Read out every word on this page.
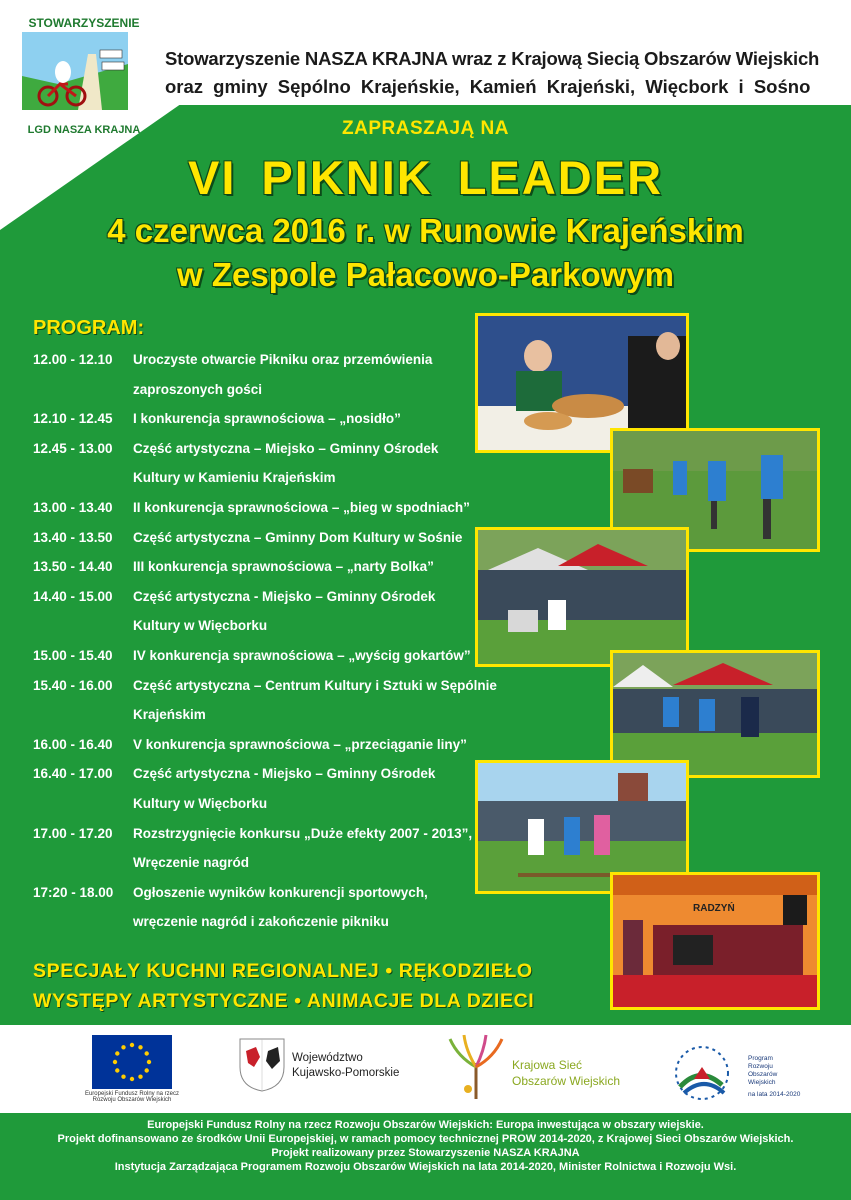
STOWARZYSZENIE
LGD NASZA KRAJNA
Stowarzyszenie NASZA KRAJNA wraz z Krajową Siecią Obszarów Wiejskich
oraz gminy Sępólno Krajeńskie, Kamień Krajeński, Więcbork i Sośno
ZAPRASZAJĄ NA
VI PIKNIK LEADER
4 czerwca 2016 r. w Runowie Krajeńskim
w Zespole Pałacowo-Parkowym
PROGRAM:
12.00 - 12.10 Uroczyste otwarcie Pikniku oraz przemówienia
zaproszonych gości
12.10 - 12.45 I konkurencja sprawnościowa – „nosidło”
12.45 - 13.00 Część artystyczna – Miejsko – Gminny Ośrodek
Kultury w Kamieniu Krajeńskim
13.00 - 13.40 II konkurencja sprawnościowa – „bieg w spodniach”
13.40 - 13.50 Część artystyczna – Gminny Dom Kultury w Sośnie
13.50 - 14.40 III konkurencja sprawnościowa – „narty Bolka”
14.40 - 15.00 Część artystyczna - Miejsko – Gminny Ośrodek
Kultury w Więcborku
15.00 - 15.40 IV konkurencja sprawnościowa – „wyścig gokartów”
15.40 - 16.00 Część artystyczna – Centrum Kultury i Sztuki w Sępólnie
Krajeńskim
16.00 - 16.40 V konkurencja sprawnościowa – „przeciąganie liny”
16.40 - 17.00 Część artystyczna - Miejsko – Gminny Ośrodek
Kultury w Więcborku
17.00 - 17.20 Rozstrzygnięcie konkursu „Duże efekty 2007 - 2013”,
Wręczenie nagród
17:20 - 18.00 Ogłoszenie wyników konkurencji sportowych,
wręczenie nagród i zakończenie pikniku
RADZYŃ
SPECJAŁY KUCHNI REGIONALNEJ • RĘKODZIEŁO
WYSTĘPY ARTYSTYCZNE • ANIMACJE DLA DZIECI
Europejski Fundusz Rolny na rzecz
Rozwoju Obszarów Wiejskich
Województwo
Kujawsko-Pomorskie
Krajowa Sieć
Obszarów Wiejskich
Program
Rozwoju
Obszarów
Wiejskich
na lata 2014-2020
Europejski Fundusz Rolny na rzecz Rozwoju Obszarów Wiejskich: Europa inwestująca w obszary wiejskie.
Projekt dofinansowano ze środków Unii Europejskiej, w ramach pomocy technicznej PROW 2014-2020, z Krajowej Sieci Obszarów Wiejskich.
Projekt realizowany przez Stowarzyszenie NASZA KRAJNA
Instytucja Zarządzająca Programem Rozwoju Obszarów Wiejskich na lata 2014-2020, Minister Rolnictwa i Rozwoju Wsi.
